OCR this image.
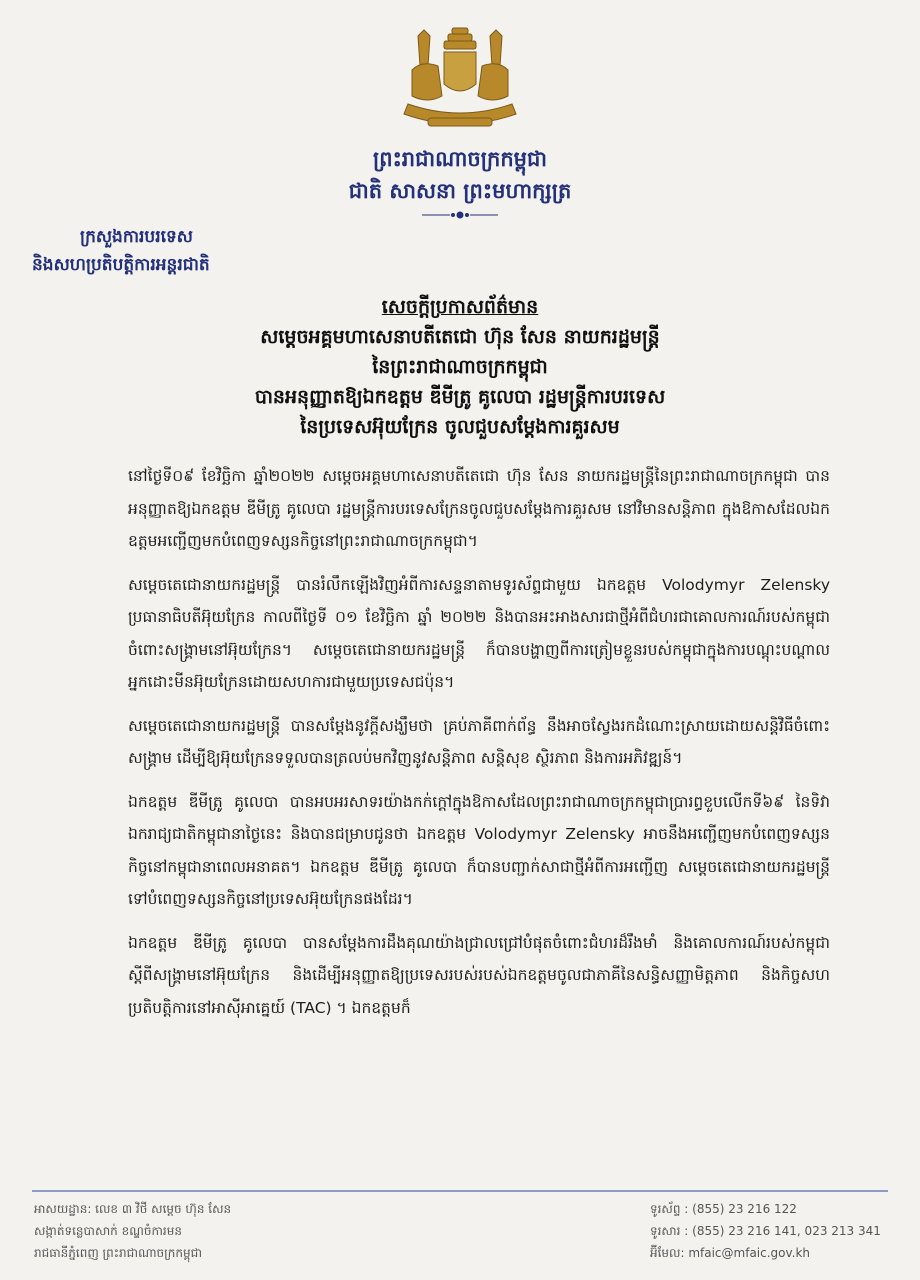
ព្រះរាជាណាចក្រកម្ពុជា
ជាតិ សាសនា ព្រះមហាក្សត្រ
ក្រសួងការបរទេស
និងសហប្រតិបត្តិការអន្តរជាតិ
សេចក្តីប្រកាសព័ត៌មាន
សម្តេចអគ្គមហាសេនាបតីតេជោ ហ៊ុន សែន នាយករដ្ឋមន្ត្រី
នៃព្រះរាជាណាចក្រកម្ពុជា
បានអនុញ្ញាតឱ្យឯកឧត្តម ឌីមីត្រូ គូលេបា រដ្ឋមន្ត្រីការបរទេស
នៃប្រទេសអ៊ុយក្រែន ចូលជួបសម្តែងការគួរសម

នៅថ្ងៃទី០៩ ខែវិច្ឆិកា ឆ្នាំ២០២២ សម្តេចអគ្គមហាសេនាបតីតេជោ ហ៊ុន សែន នាយករដ្ឋមន្ត្រីនៃព្រះរាជាណាចក្រកម្ពុជា បានអនុញ្ញាតឱ្យឯកឧត្តម ឌីមីត្រូ គូលេបា រដ្ឋមន្ត្រីការបរទេសក្រែនចូលជួបសម្តែងការគួរសម នៅវិមានសន្តិភាព ក្នុងឱកាសដែលឯកឧត្តមអញ្ជើញមកបំពេញទស្សនកិច្ចនៅព្រះរាជាណាចក្រកម្ពុជា។

សម្តេចតេជោនាយករដ្ឋមន្ត្រី បានរំលឹកឡើងវិញអំពីការសន្ទនាតាមទូរស័ព្ទជាមួយ ឯកឧត្តម Volodymyr Zelensky ប្រធានាធិបតីអ៊ុយក្រែន កាលពីថ្ងៃទី ០១ ខែវិច្ឆិកា ឆ្នាំ ២០២២ និងបានអះអាងសារជាថ្មីអំពីជំហរជាគោលការណ៍របស់កម្ពុជាចំពោះសង្គ្រាមនៅអ៊ុយក្រែន។ សម្តេចតេជោនាយករដ្ឋមន្ត្រី ក៏បានបង្ហាញពីការត្រៀមខ្លួនរបស់កម្ពុជាក្នុងការបណ្តុះបណ្តាលអ្នកដោះមីនអ៊ុយក្រែនដោយសហការជាមួយប្រទេសជប៉ុន។

សម្តេចតេជោនាយករដ្ឋមន្ត្រី បានសម្តែងនូវក្តីសង្ឃឹមថា គ្រប់ភាគីពាក់ព័ន្ធ នឹងអាចស្វែងរកដំណោះស្រាយដោយសន្តិវិធីចំពោះសង្គ្រាម ដើម្បីឱ្យអ៊ុយក្រែនទទួលបានត្រលប់មកវិញនូវសន្តិភាព សន្តិសុខ ស្ថិរភាព និងការអភិវឌ្ឍន៍។

ឯកឧត្តម ឌីមីត្រូ គូលេបា បានអបអរសាទរយ៉ាងកក់ក្តៅក្នុងឱកាសដែលព្រះរាជាណាចក្រកម្ពុជាប្រារព្ធខួបលើកទី៦៩ នៃទិវាឯករាជ្យជាតិកម្ពុជានាថ្ងៃនេះ និងបានជម្រាបជូនថា ឯកឧត្តម Volodymyr Zelensky អាចនឹងអញ្ជើញមកបំពេញទស្សនកិច្ចនៅកម្ពុជានាពេលអនាគត។ ឯកឧត្តម ឌីមីត្រូ គូលេបា ក៏បានបញ្ជាក់សាជាថ្មីអំពីការអញ្ជើញ សម្តេចតេជោនាយករដ្ឋមន្ត្រី ទៅបំពេញទស្សនកិច្ចនៅប្រទេសអ៊ុយក្រែនផងដែរ។

ឯកឧត្តម ឌីមីត្រូ គូលេបា បានសម្តែងការដឹងគុណយ៉ាងជ្រាលជ្រៅបំផុតចំពោះជំហរដ៏រឹងមាំ និងគោលការណ៍របស់កម្ពុជាស្តីពីសង្គ្រាមនៅអ៊ុយក្រែន និងដើម្បីអនុញ្ញាតឱ្យប្រទេសរបស់របស់ឯកឧត្តមចូលជាភាគីនៃសន្ធិសញ្ញាមិត្តភាព និងកិច្ចសហប្រតិបត្តិការនៅអាស៊ីអាគ្នេយ៍ (TAC) ។ ឯកឧត្តមក៏

អាសយដ្ឋាន: លេខ ៣ វិថី សម្តេច ហ៊ុន សែន
សង្កាត់ទន្លេបាសាក់ ខណ្ឌចំការមន
រាជធានីភ្នំពេញ ព្រះរាជាណាចក្រកម្ពុជា
ទូរស័ព្ទ : (855) 23 216 122
ទូរសារ : (855) 23 216 141, 023 213 341
អ៊ីមែល: mfaic@mfaic.gov.kh
